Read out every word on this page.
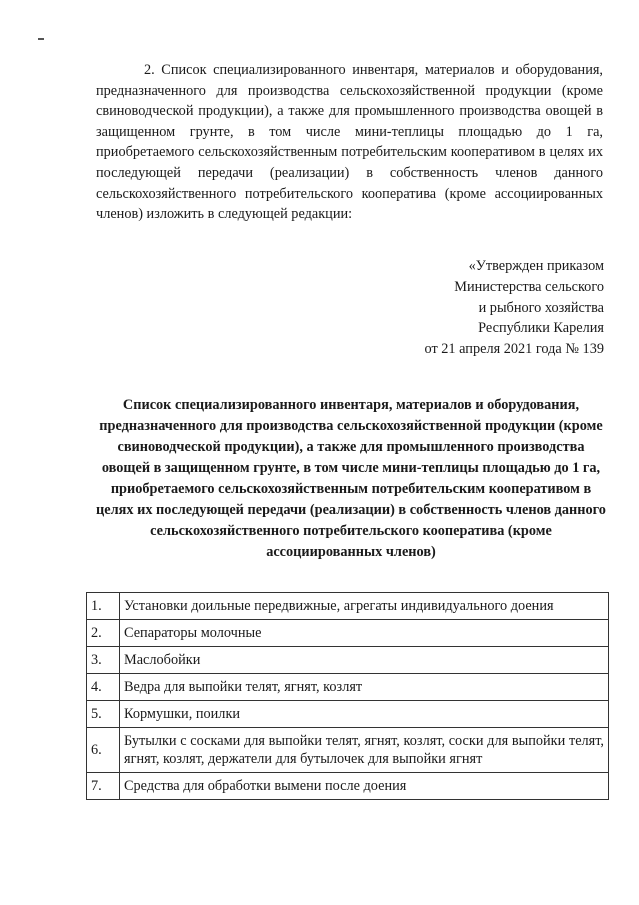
2. Список специализированного инвентаря, материалов и оборудования, предназначенного для производства сельскохозяйственной продукции (кроме свиноводческой продукции), а также для промышленного производства овощей в защищенном грунте, в том числе мини-теплицы площадью до 1 га, приобретаемого сельскохозяйственным потребительским кооперативом в целях их последующей передачи (реализации) в собственность членов данного сельскохозяйственного потребительского кооператива (кроме ассоциированных членов) изложить в следующей редакции:

«Утвержден приказом
Министерства сельского
и рыбного хозяйства
Республики Карелия
от 21 апреля 2021 года № 139

Список специализированного инвентаря, материалов и оборудования, предназначенного для производства сельскохозяйственной продукции (кроме свиноводческой продукции), а также для промышленного производства овощей в защищенном грунте, в том числе мини-теплицы площадью до 1 га, приобретаемого сельскохозяйственным потребительским кооперативом в целях их последующей передачи (реализации) в собственность членов данного сельскохозяйственного потребительского кооператива (кроме ассоциированных членов)

1.	Установки доильные передвижные, агрегаты индивидуального доения
2.	Сепараторы молочные
3.	Маслобойки
4.	Ведра для выпойки телят, ягнят, козлят
5.	Кормушки, поилки
6.	Бутылки с сосками для выпойки телят, ягнят, козлят, соски для выпойки телят, ягнят, козлят, держатели для бутылочек для выпойки ягнят
7.	Средства для обработки вымени после доения
